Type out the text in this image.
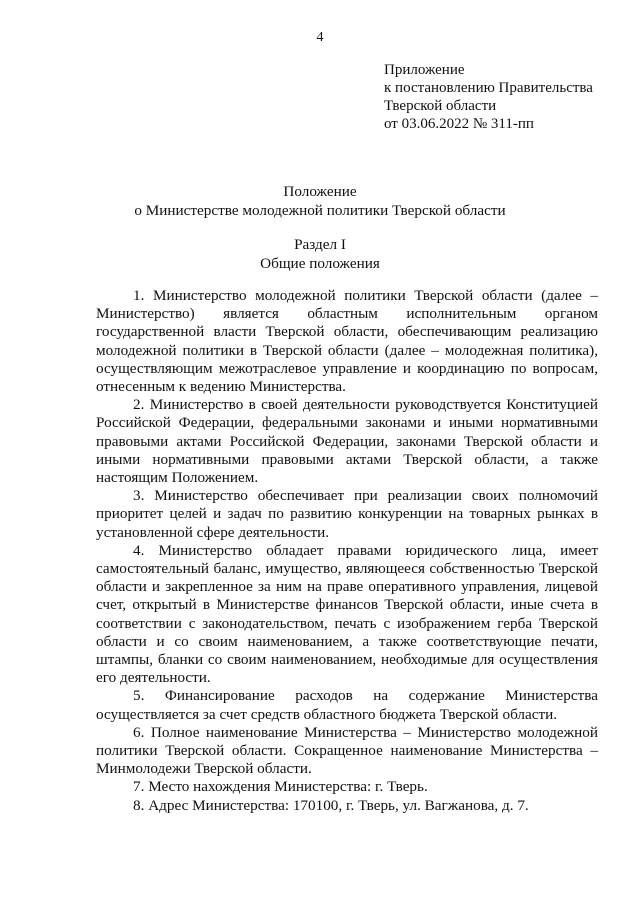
4
Приложение
к постановлению Правительства
Тверской области
от 03.06.2022 № 311-пп
Положение
о Министерстве молодежной политики Тверской области
Раздел I
Общие положения

1. Министерство молодежной политики Тверской области (далее – Министерство) является областным исполнительным органом государственной власти Тверской области, обеспечивающим реализацию молодежной политики в Тверской области (далее – молодежная политика), осуществляющим межотраслевое управление и координацию по вопросам, отнесенным к ведению Министерства.

2. Министерство в своей деятельности руководствуется Конституцией Российской Федерации, федеральными законами и иными нормативными правовыми актами Российской Федерации, законами Тверской области и иными нормативными правовыми актами Тверской области, а также настоящим Положением.

3. Министерство обеспечивает при реализации своих полномочий приоритет целей и задач по развитию конкуренции на товарных рынках в установленной сфере деятельности.

4. Министерство обладает правами юридического лица, имеет самостоятельный баланс, имущество, являющееся собственностью Тверской области и закрепленное за ним на праве оперативного управления, лицевой счет, открытый в Министерстве финансов Тверской области, иные счета в соответствии с законодательством, печать с изображением герба Тверской области и со своим наименованием, а также соответствующие печати, штампы, бланки со своим наименованием, необходимые для осуществления его деятельности.

5. Финансирование расходов на содержание Министерства осуществляется за счет средств областного бюджета Тверской области.

6. Полное наименование Министерства – Министерство молодежной политики Тверской области. Сокращенное наименование Министерства – Минмолодежи Тверской области.

7. Место нахождения Министерства: г. Тверь.

8. Адрес Министерства: 170100, г. Тверь, ул. Вагжанова, д. 7.
